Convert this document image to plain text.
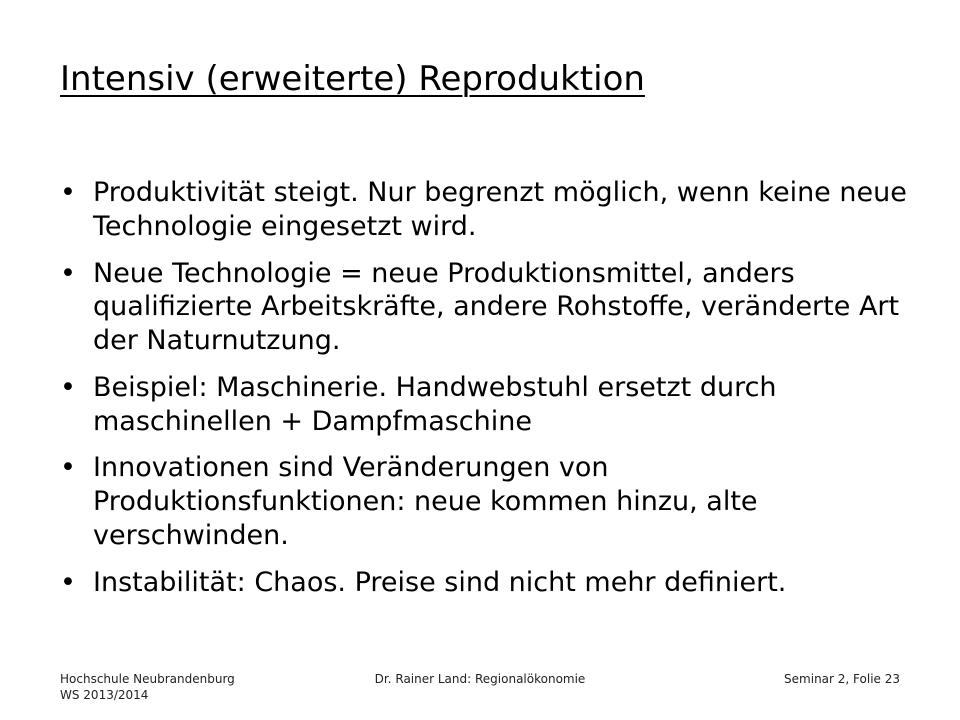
Intensiv (erweiterte) Reproduktion
• Produktivität steigt. Nur begrenzt möglich, wenn keine neue Technologie eingesetzt wird.
• Neue Technologie = neue Produktionsmittel, anders qualifizierte Arbeitskräfte, andere Rohstoffe, veränderte Art der Naturnutzung.
• Beispiel: Maschinerie. Handwebstuhl ersetzt durch maschinellen + Dampfmaschine
• Innovationen sind Veränderungen von Produktionsfunktionen: neue kommen hinzu, alte verschwinden.
• Instabilität: Chaos. Preise sind nicht mehr definiert.
Hochschule Neubrandenburg
WS 2013/2014
Dr. Rainer Land: Regionalökonomie	Seminar 2, Folie 23
